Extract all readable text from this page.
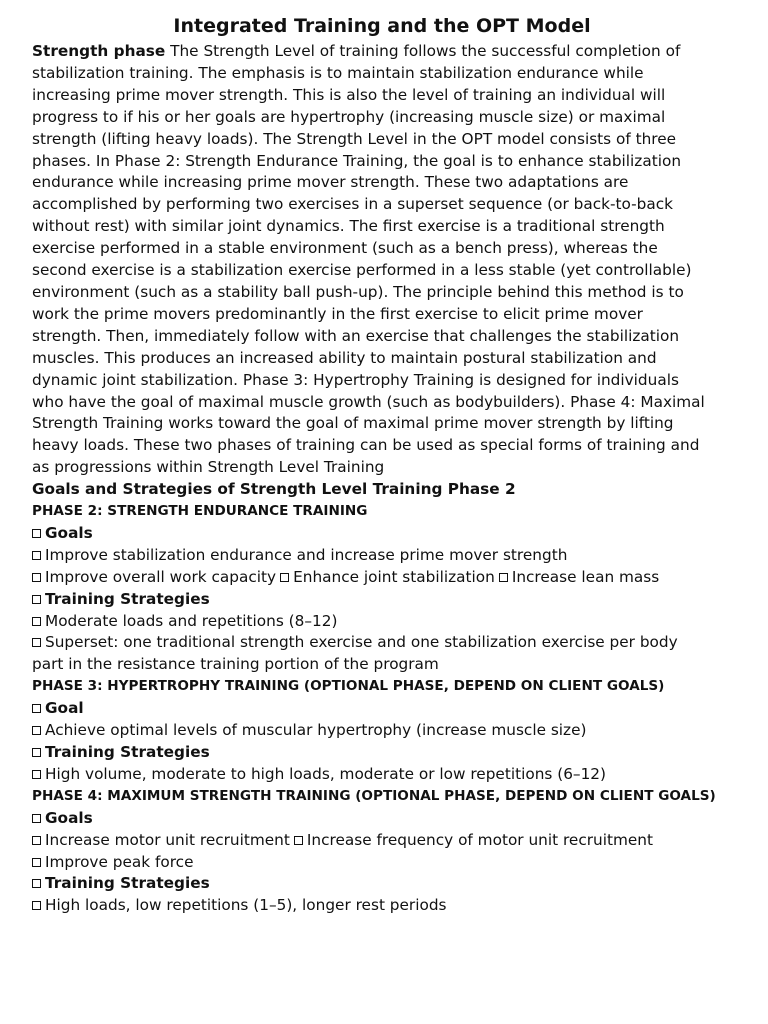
Integrated Training and the OPT Model
Strength phase The Strength Level of training follows the successful completion of
stabilization training. The emphasis is to maintain stabilization endurance while
increasing prime mover strength. This is also the level of training an individual will
progress to if his or her goals are hypertrophy (increasing muscle size) or maximal
strength (lifting heavy loads). The Strength Level in the OPT model consists of three
phases. In Phase 2: Strength Endurance Training, the goal is to enhance stabilization
endurance while increasing prime mover strength. These two adaptations are
accomplished by performing two exercises in a superset sequence (or back-to-back
without rest) with similar joint dynamics. The first exercise is a traditional strength
exercise performed in a stable environment (such as a bench press), whereas the
second exercise is a stabilization exercise performed in a less stable (yet controllable)
environment (such as a stability ball push-up). The principle behind this method is to
work the prime movers predominantly in the first exercise to elicit prime mover
strength. Then, immediately follow with an exercise that challenges the stabilization
muscles. This produces an increased ability to maintain postural stabilization and
dynamic joint stabilization. Phase 3: Hypertrophy Training is designed for individuals
who have the goal of maximal muscle growth (such as bodybuilders). Phase 4: Maximal
Strength Training works toward the goal of maximal prime mover strength by lifting
heavy loads. These two phases of training can be used as special forms of training and
as progressions within Strength Level Training
Goals and Strategies of Strength Level Training Phase 2
PHASE 2: STRENGTH ENDURANCE TRAINING
Goals
Improve stabilization endurance and increase prime mover strength
Improve overall work capacity Enhance joint stabilization Increase lean mass
Training Strategies
Moderate loads and repetitions (8–12)
Superset: one traditional strength exercise and one stabilization exercise per body
part in the resistance training portion of the program
PHASE 3: HYPERTROPHY TRAINING (OPTIONAL PHASE, DEPEND ON CLIENT GOALS)
Goal
Achieve optimal levels of muscular hypertrophy (increase muscle size)
Training Strategies
High volume, moderate to high loads, moderate or low repetitions (6–12)
PHASE 4: MAXIMUM STRENGTH TRAINING (OPTIONAL PHASE, DEPEND ON CLIENT GOALS)
Goals
Increase motor unit recruitment Increase frequency of motor unit recruitment
Improve peak force
Training Strategies
High loads, low repetitions (1–5), longer rest periods
